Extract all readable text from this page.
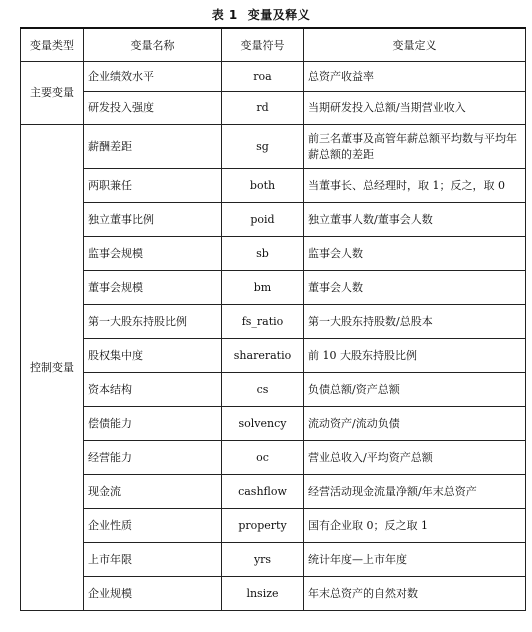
表 1 变量及释义
变量类型	变量名称	变量符号	变量定义
主要变量	企业绩效水平	roa	总资产收益率
	研发投入强度	rd	当期研发投入总额/当期营业收入
控制变量	薪酬差距	sg	前三名董事及高管年薪总额平均数与平均年薪总额的差距
	两职兼任	both	当董事长、总经理时，取 1；反之，取 0
	独立董事比例	poid	独立董事人数/董事会人数
	监事会规模	sb	监事会人数
	董事会规模	bm	董事会人数
	第一大股东持股比例	fs_ratio	第一大股东持股数/总股本
	股权集中度	shareratio	前 10 大股东持股比例
	资本结构	cs	负债总额/资产总额
	偿债能力	solvency	流动资产/流动负债
	经营能力	oc	营业总收入/平均资产总额
	现金流	cashflow	经营活动现金流量净额/年末总资产
	企业性质	property	国有企业取 0；反之取 1
	上市年限	yrs	统计年度—上市年度
	企业规模	lnsize	年末总资产的自然对数
